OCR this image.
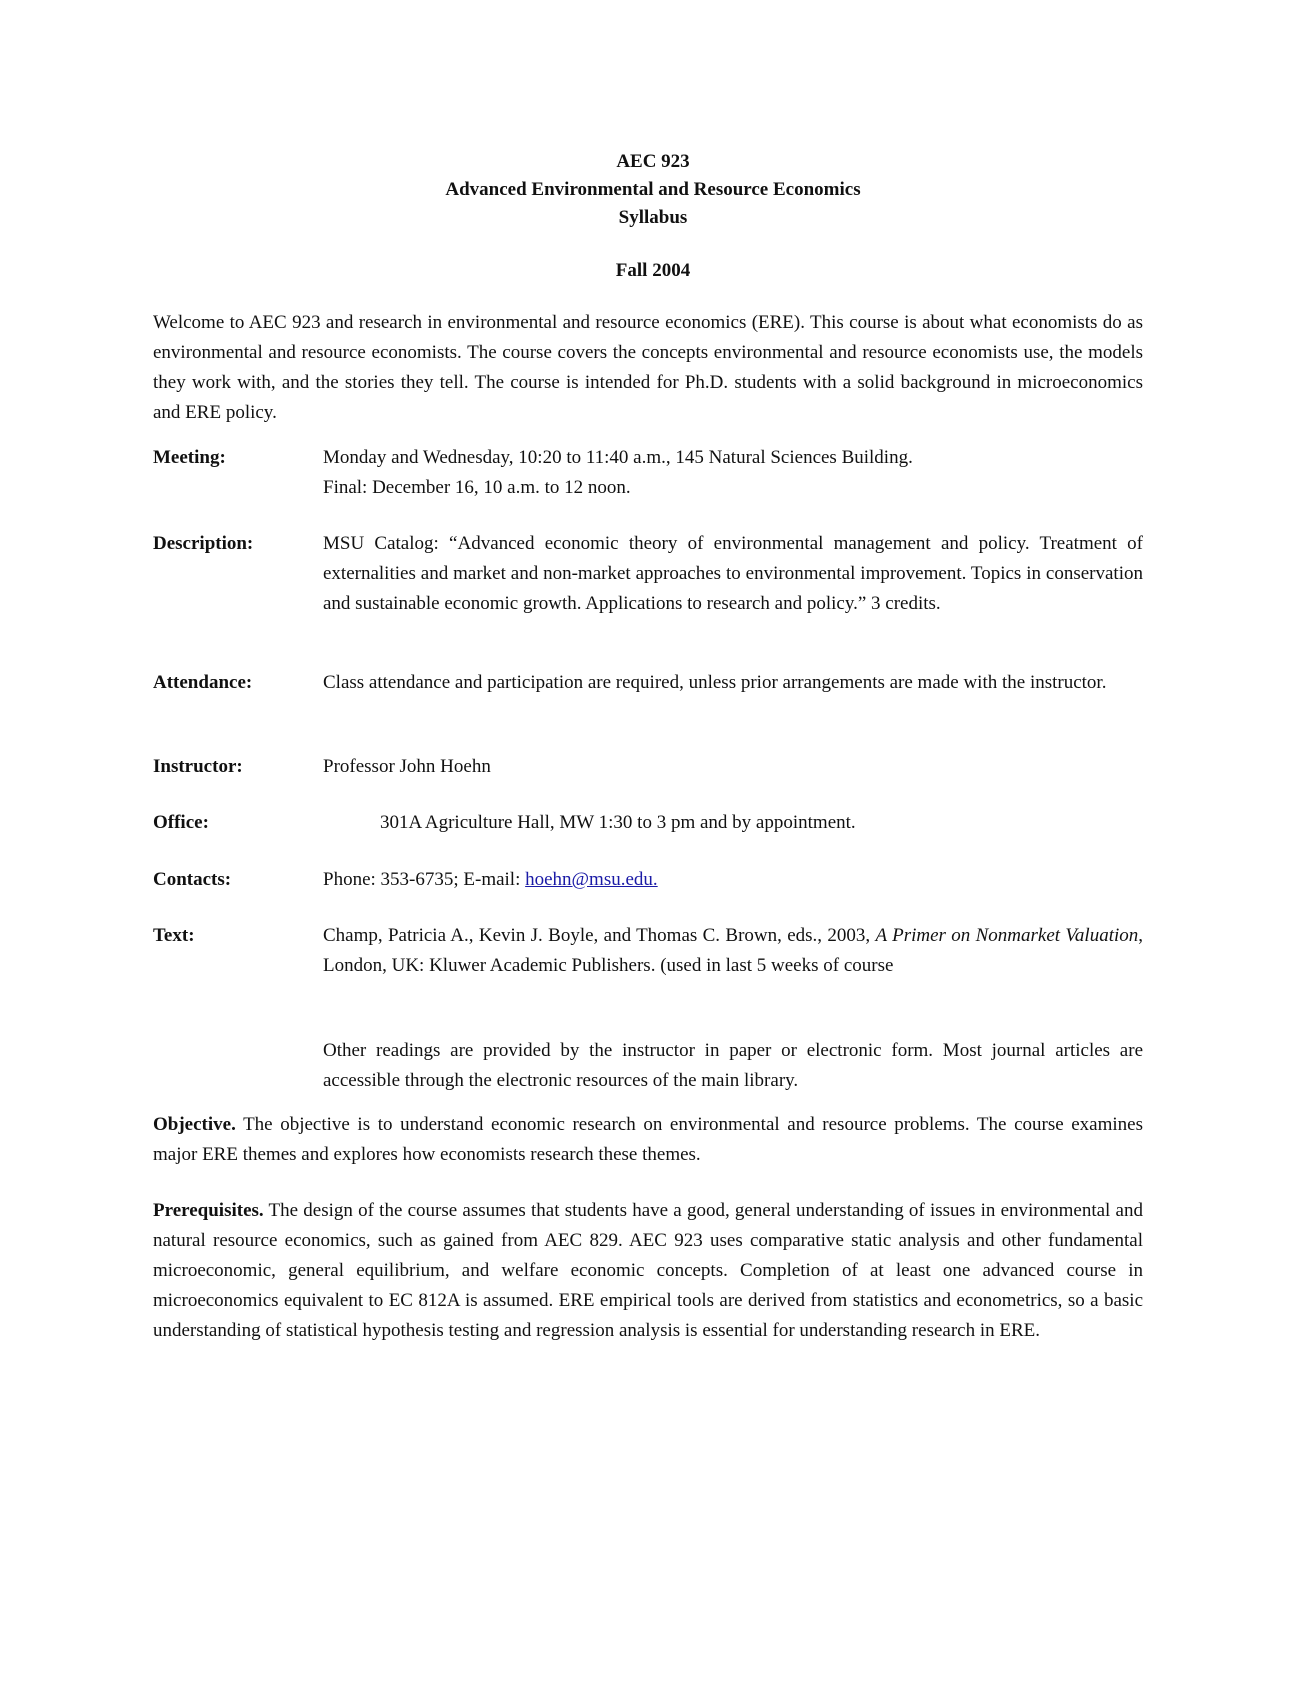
AEC 923
Advanced Environmental and Resource Economics
Syllabus
Fall 2004
Welcome to AEC 923 and research in environmental and resource economics (ERE). This course is about what economists do as environmental and resource economists. The course covers the concepts environmental and resource economists use, the models they work with, and the stories they tell. The course is intended for Ph.D. students with a solid background in microeconomics and ERE policy.
Meeting:	Monday and Wednesday, 10:20 to 11:40 a.m., 145 Natural Sciences Building.
Final: December 16, 10 a.m. to 12 noon.
Description:	MSU Catalog: “Advanced economic theory of environmental management and policy. Treatment of externalities and market and non-market approaches to environmental improvement. Topics in conservation and sustainable economic growth. Applications to research and policy.” 3 credits.
Attendance:	Class attendance and participation are required, unless prior arrangements are made with the instructor.
Instructor:	Professor John Hoehn
Office:	301A Agriculture Hall, MW 1:30 to 3 pm and by appointment.
Contacts:	Phone: 353-6735; E-mail: hoehn@msu.edu.
Text:	Champ, Patricia A., Kevin J. Boyle, and Thomas C. Brown, eds., 2003, A Primer on Nonmarket Valuation, London, UK: Kluwer Academic Publishers. (used in last 5 weeks of course
Other readings are provided by the instructor in paper or electronic form. Most journal articles are accessible through the electronic resources of the main library.
Objective. The objective is to understand economic research on environmental and resource problems. The course examines major ERE themes and explores how economists research these themes.
Prerequisites. The design of the course assumes that students have a good, general understanding of issues in environmental and natural resource economics, such as gained from AEC 829. AEC 923 uses comparative static analysis and other fundamental microeconomic, general equilibrium, and welfare economic concepts. Completion of at least one advanced course in microeconomics equivalent to EC 812A is assumed. ERE empirical tools are derived from statistics and econometrics, so a basic understanding of statistical hypothesis testing and regression analysis is essential for understanding research in ERE.
